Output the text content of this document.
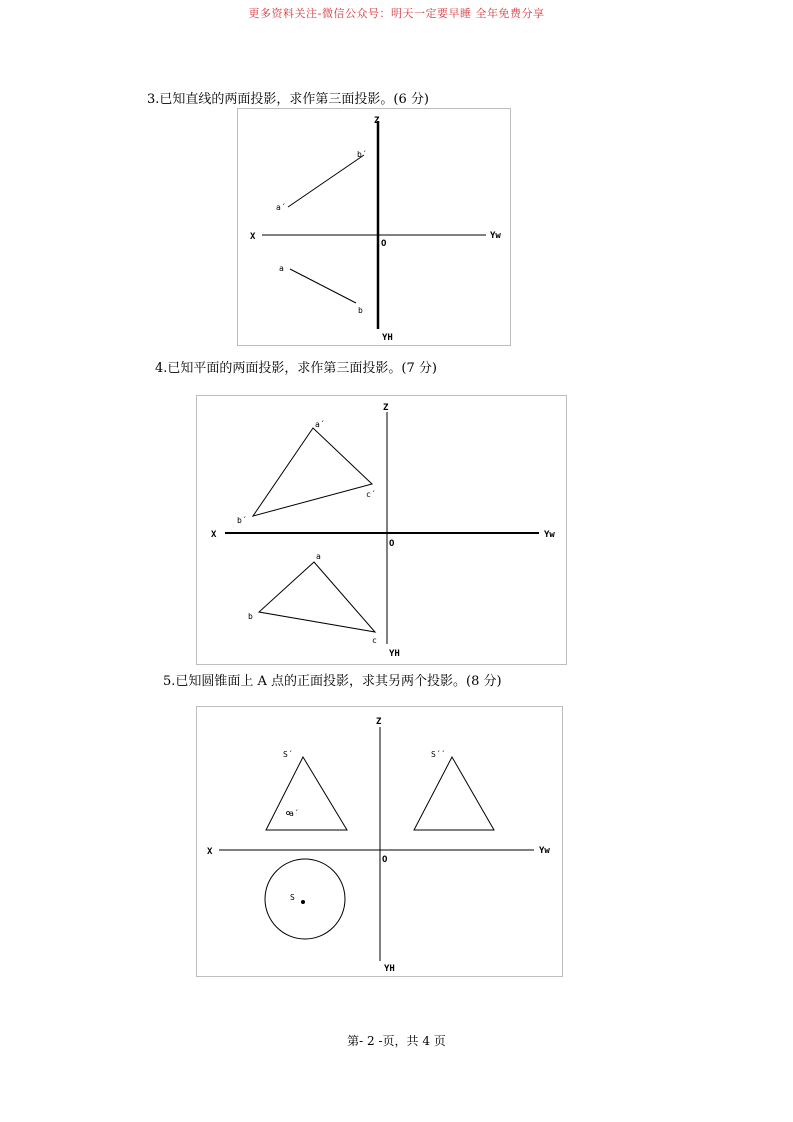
更多资料关注-微信公众号：明天一定要早睡 全年免费分享
3.已知直线的两面投影，求作第三面投影。(6 分)
Z
X	Yw
O
YH
b´
a´
a
b
4.已知平面的两面投影，求作第三面投影。(7 分)
Z
X	Yw
O
YH
a´
b´
c´
a
b
c
5.已知圆锥面上 A 点的正面投影，求其另两个投影。(8 分)
Z
X	Yw
O
YH
S´	S´´
a´
S
第- 2 -页，共 4 页
